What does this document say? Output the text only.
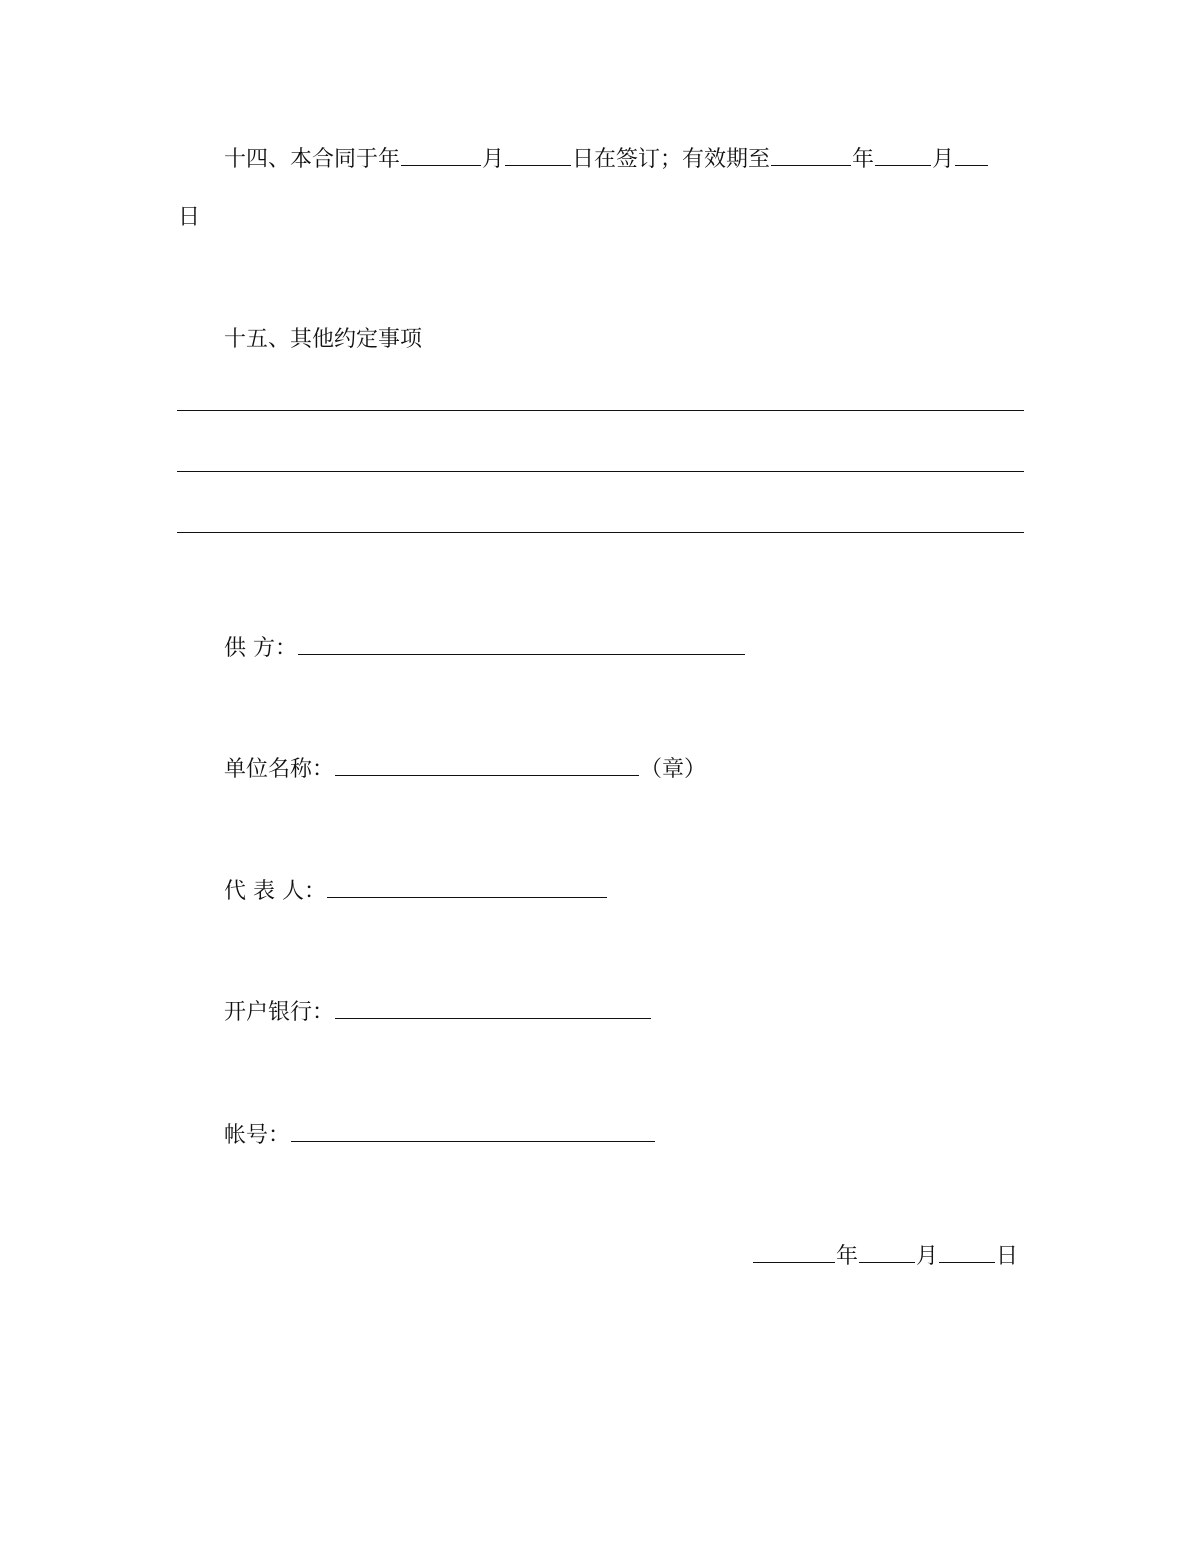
十四、本合同于年	月	日在签订；有效期至	年	月
日
十五、其他约定事项
供 方：
单位名称：	（章）
代 表 人：
开户银行：
帐号：
年	月	日
